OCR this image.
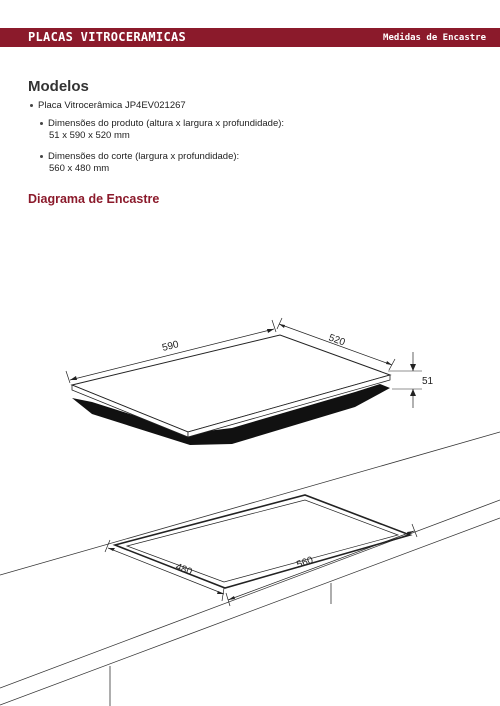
PLACAS VITROCERAMICAS	Medidas de Encastre
Modelos
Placa Vitrocerâmica JP4EV021267
Dimensões do produto (altura x largura x profundidade):
51 x 590 x 520 mm
Dimensões do corte (largura x profundidade):
560 x 480 mm
Diagrama de Encastre
590	520
51
480	560
